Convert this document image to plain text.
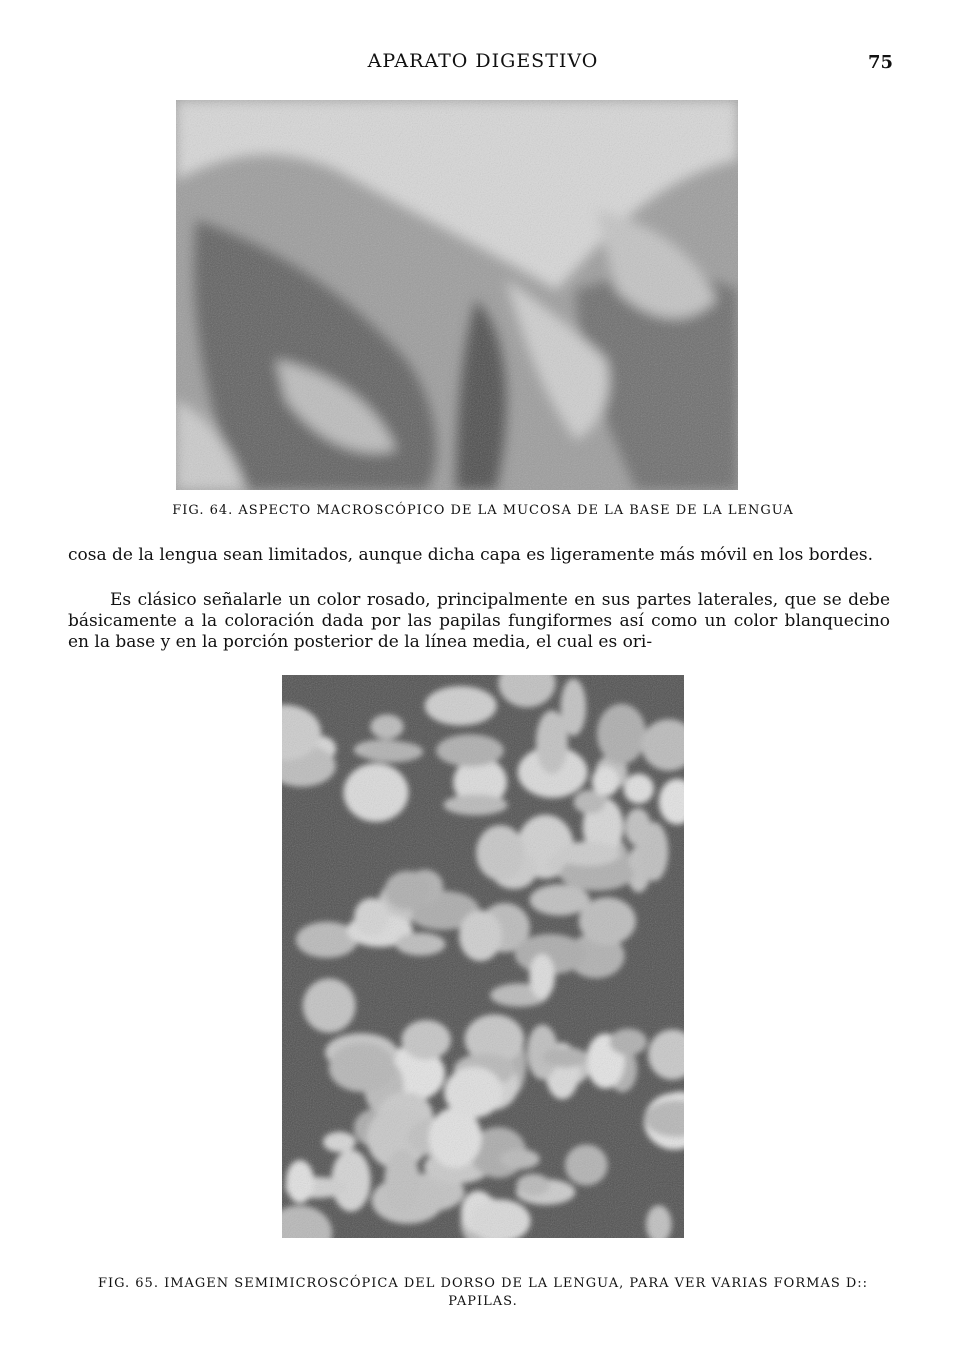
APARATO DIGESTIVO	75
FIG. 64. ASPECTO MACROSCÓPICO DE LA MUCOSA DE LA BASE DE LA LENGUA
cosa de la lengua sean limitados, aunque dicha capa es ligeramente más móvil en los bordes.
Es clásico señalarle un color rosado, principalmente en sus partes laterales, que se debe básicamente a la coloración dada por las papilas fungiformes así como un color blanquecino en la base y en la porción posterior de la línea media, el cual es ori-
FIG. 65. IMAGEN SEMIMICROSCÓPICA DEL DORSO DE LA LENGUA, PARA VER VARIAS FORMAS D:: PAPILAS.
